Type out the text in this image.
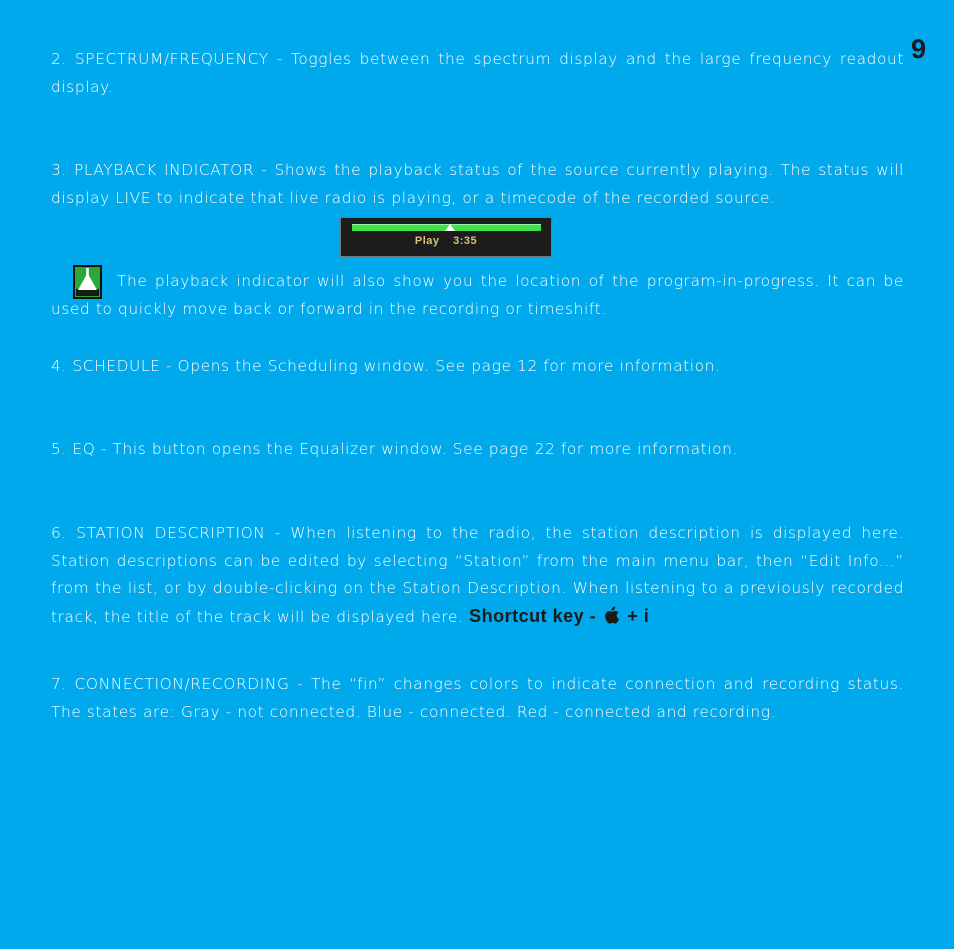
9
2. SPECTRUM/FREQUENCY - Toggles between the spectrum display and the large frequency readout display.
3. PLAYBACK INDICATOR - Shows the playback status of the source currently playing. The status will display LIVE to indicate that live radio is playing, or a timecode of the recorded source.
Play 3:35
The playback indicator will also show you the location of the program-in-progress. It can be used to quickly move back or forward in the recording or timeshift.
4. SCHEDULE - Opens the Scheduling window. See page 12 for more information.
5. EQ - This button opens the Equalizer window. See page 22 for more information.
6. STATION DESCRIPTION - When listening to the radio, the station description is displayed here. Station descriptions can be edited by selecting “Station” from the main menu bar, then “Edit Info...” from the list, or by double-clicking on the Station Description. When listening to a previously recorded track, the title of the track will be displayed here. Shortcut key - + i
7. CONNECTION/RECORDING - The “fin” changes colors to indicate connection and recording status. The states are: Gray - not connected. Blue - connected. Red - connected and recording.
